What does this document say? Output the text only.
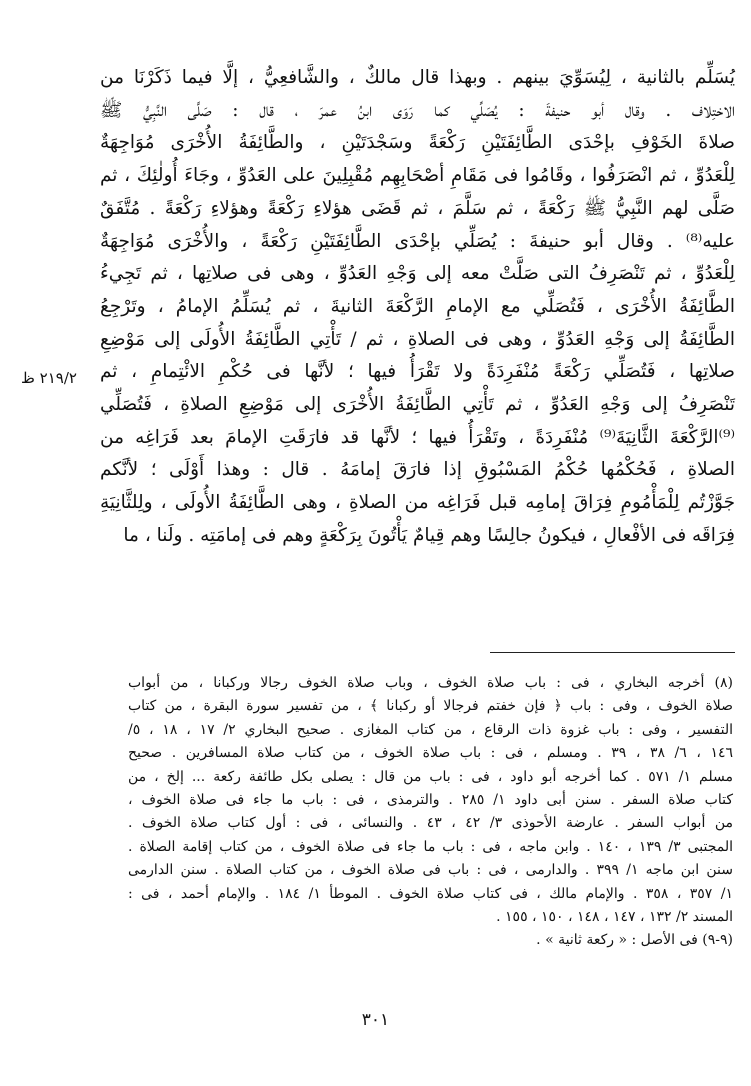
يُسَلِّم بالثانية ، لِيُسَوِّيَ بينهم . وبهذا قال مالكٌ ، والشَّافعِيُّ ، إلَّا فيما ذَكَرْنَا من

الاختِلاف . وقال أبو حنيفةَ : يُصَلِّي كما رَوَى ابنُ عمرَ ، قال : صَلَّى النَّبِيُّ ﷺ

صلاةَ الخَوْفِ بإحْدَى الطَّائِفَتَيْنِ رَكْعَةً وسَجْدَتَيْنِ ، والطَّائِفَةُ الأُخْرَى مُوَاجِهَةٌ

لِلْعَدُوِّ ، ثم انْصَرَفُوا ، وقَامُوا فى مَقَامِ أصْحَابِهِم مُقْبِلِينَ على العَدُوِّ ، وجَاءَ أُولٰئِكَ ، ثم

صَلَّى لهم النَّبِيُّ ﷺ رَكْعَةً ، ثم سَلَّمَ ، ثم قَضَى هؤلاءِ رَكْعَةً وهؤلاءِ رَكْعَةً . مُتَّفَقٌ

عليه⁽⁸⁾ . وقال أبو حنيفةَ : يُصَلِّي بإحْدَى الطَّائِفَتَيْنِ رَكْعَةً ، والأُخْرَى مُوَاجِهَةٌ

لِلْعَدُوِّ ، ثم تَنْصَرِفُ التى صَلَّتْ معه إلى وَجْهِ العَدُوِّ ، وهى فى صلاتِها ، ثم تَجِيءُ

الطَّائِفَةُ الأُخْرَى ، فَتُصَلِّي مع الإمامِ الرَّكْعَةَ الثانيةَ ، ثم يُسَلِّمُ الإمامُ ، وتَرْجِعُ

الطَّائِفَةُ إلى وَجْهِ العَدُوِّ ، وهى فى الصلاةِ ، ثم / تَأْتِي الطَّائِفَةُ الأُولَى إلى مَوْضِعِ

صلاتِها ، فَتُصَلِّي رَكْعَةً مُنْفَرِدَةً ولا تَقْرَأُ فيها ؛ لأنَّها فى حُكْمِ الائْتِمامِ ، ثم

تَنْصَرِفُ إلى وَجْهِ العَدُوِّ ، ثم تَأْتِي الطَّائِفَةُ الأُخْرَى إلى مَوْضِعِ الصلاةِ ، فَتُصَلِّي

⁽⁹⁾الرَّكْعَةَ الثَّانِيَةَ⁽⁹⁾ مُنْفَرِدَةً ، وتَقْرَأُ فيها ؛ لأنَّها قد فارَقَتِ الإمامَ بعد فَرَاغِه من

الصلاةِ ، فَحُكْمُها حُكْمُ المَسْبُوقِ إذا فارَقَ إمامَهُ . قال : وهذا أَوْلَى ؛ لأنَّكم

جَوَّزْتُم لِلْمَأْمُومِ فِرَاقَ إمامِه قبل فَرَاغِه من الصلاةِ ، وهى الطَّائِفَةُ الأُولَى ، ولِلثَّانِيَةِ

فِرَاقَه فى الأفْعالِ ، فيكونُ جالِسًا وهم قِيامٌ يَأْتُونَ بِرَكْعَةٍ وهم فى إمامَتِه . ولَنا ، ما

٢١٩/٢ ظ

(٨) أخرجه البخاري ، فى : باب صلاة الخوف ، وباب صلاة الخوف رجالا وركبانا ، من أبواب

صلاة الخوف ، وفى : باب ﴿ فإن خفتم فرجالا أو ركبانا ﴾ ، من تفسير سورة البقرة ، من كتاب

التفسير ، وفى : باب غزوة ذات الرقاع ، من كتاب المغازى . صحيح البخاري ٢/ ١٧ ، ١٨ ، ٥/

١٤٦ ، ٦/ ٣٨ ، ٣٩ . ومسلم ، فى : باب صلاة الخوف ، من كتاب صلاة المسافرين . صحيح

مسلم ١/ ٥٧١ . كما أخرجه أبو داود ، فى : باب من قال : يصلى بكل طائفة ركعة ... إلخ ، من

كتاب صلاة السفر . سنن أبى داود ١/ ٢٨٥ . والترمذى ، فى : باب ما جاء فى صلاة الخوف ،

من أبواب السفر . عارضة الأحوذى ٣/ ٤٢ ، ٤٣ . والنسائى ، فى : أول كتاب صلاة الخوف .

المجتبى ٣/ ١٣٩ ، ١٤٠ . وابن ماجه ، فى : باب ما جاء فى صلاة الخوف ، من كتاب إقامة الصلاة .

سنن ابن ماجه ١/ ٣٩٩ . والدارمى ، فى : باب فى صلاة الخوف ، من كتاب الصلاة . سنن الدارمى

١/ ٣٥٧ ، ٣٥٨ . والإمام مالك ، فى كتاب صلاة الخوف . الموطأ ١/ ١٨٤ . والإمام أحمد ، فى :

المسند ٢/ ١٣٢ ، ١٤٧ ، ١٤٨ ، ١٥٠ ، ١٥٥ .

(٩-٩) فى الأصل : « ركعة ثانية » .

٣٠١
